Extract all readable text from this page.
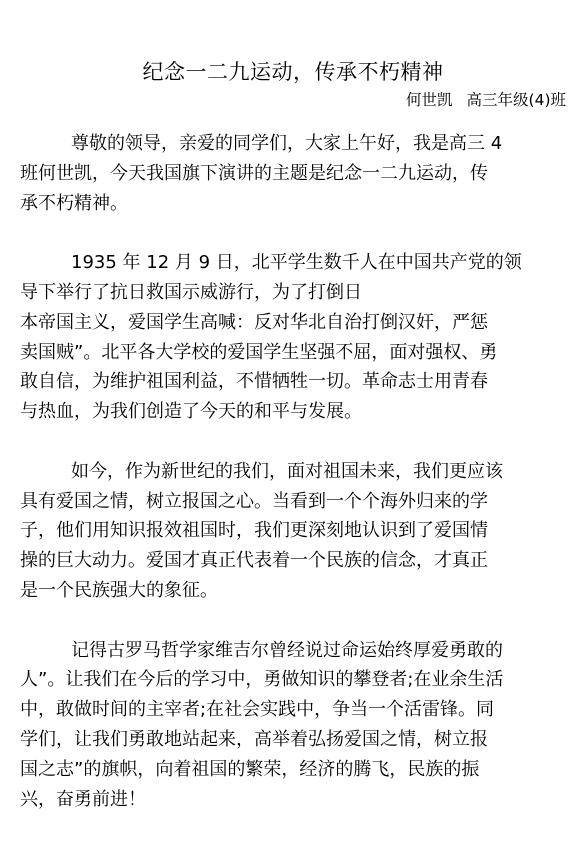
纪念一二九运动，传承不朽精神
何世凯 高三年级(4)班
尊敬的领导，亲爱的同学们，大家上午好，我是高三 4
班何世凯，今天我国旗下演讲的主题是纪念一二九运动，传
承不朽精神。
1935 年 12 月 9 日，北平学生数千人在中国共产党的领
导下举行了抗日救国示威游行，为了打倒日
本帝国主义，爱国学生高喊：反对华北自治打倒汉奸，严惩
卖国贼”。北平各大学校的爱国学生坚强不屈，面对强权、勇
敢自信，为维护祖国利益，不惜牺牲一切。革命志士用青春
与热血，为我们创造了今天的和平与发展。
如今，作为新世纪的我们，面对祖国未来，我们更应该
具有爱国之情，树立报国之心。当看到一个个海外归来的学
子，他们用知识报效祖国时，我们更深刻地认识到了爱国情
操的巨大动力。爱国才真正代表着一个民族的信念，才真正
是一个民族强大的象征。
记得古罗马哲学家维吉尔曾经说过命运始终厚爱勇敢的
人”。让我们在今后的学习中，勇做知识的攀登者;在业余生活
中，敢做时间的主宰者;在社会实践中，争当一个活雷锋。同
学们，让我们勇敢地站起来，高举着弘扬爱国之情，树立报
国之志”的旗帜，向着祖国的繁荣，经济的腾飞，民族的振
兴，奋勇前进！
